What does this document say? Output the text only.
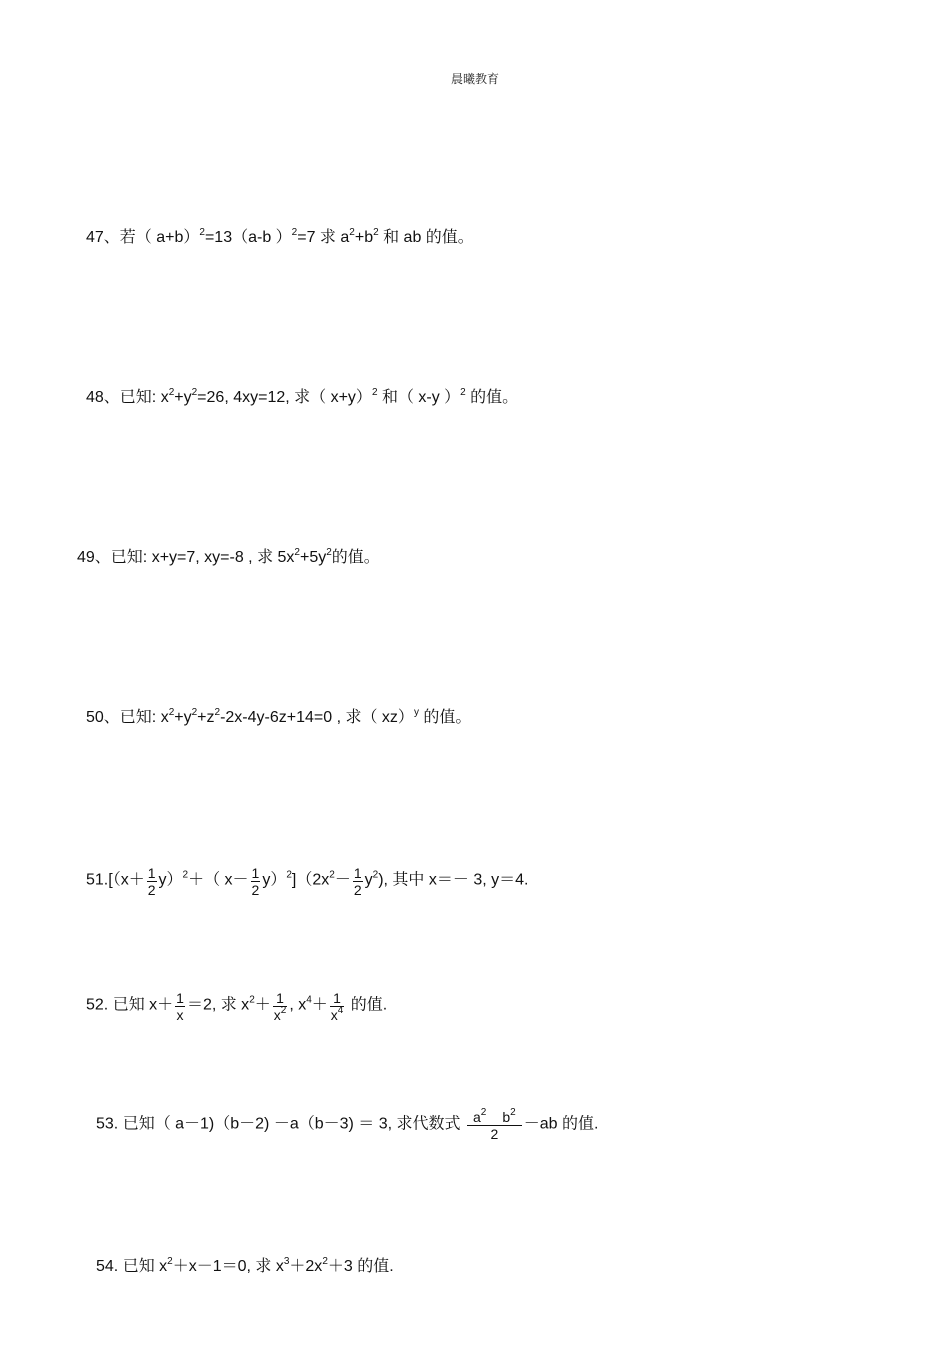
晨曦教育
47、若（ a+b）$^2$=13（a-b ）$^2$=7 求 $a^2+b^2$ 和 ab 的值。
48、已知: $x^2+y^2=26$, 4xy=12, 求（ x+y）$^2$ 和（ x-y ）$^2$ 的值。
49、已知: x+y=7, xy=-8 , 求 $5x^2+5y^2$的值。
50、已知: $x^2+y^2+z^2-2x-4y-6z+14=0$ , 求（ xz）$^y$ 的值。
$51.[(x+ \frac{1}{2} y)^2+$（ $x- \frac{1}{2} y)^2](2x^2- \frac{1}{2} y^2)$, 其中 x＝－ 3, y＝4.
52. 已知 $x+ \frac{1}{x} =2$, 求 $x^2+ \frac{1}{x^2}$ , $x^4+ \frac{1}{x^4}$ 的值.
53. 已知（ a－1)（b－2) －a（b－3) ＝ 3, 求代数式 $\frac{a^2 b^2}{2} -ab$ 的值.
54. 已知 $x^2+x-1=0$, 求 $x^3+2x^2+3$ 的值.
